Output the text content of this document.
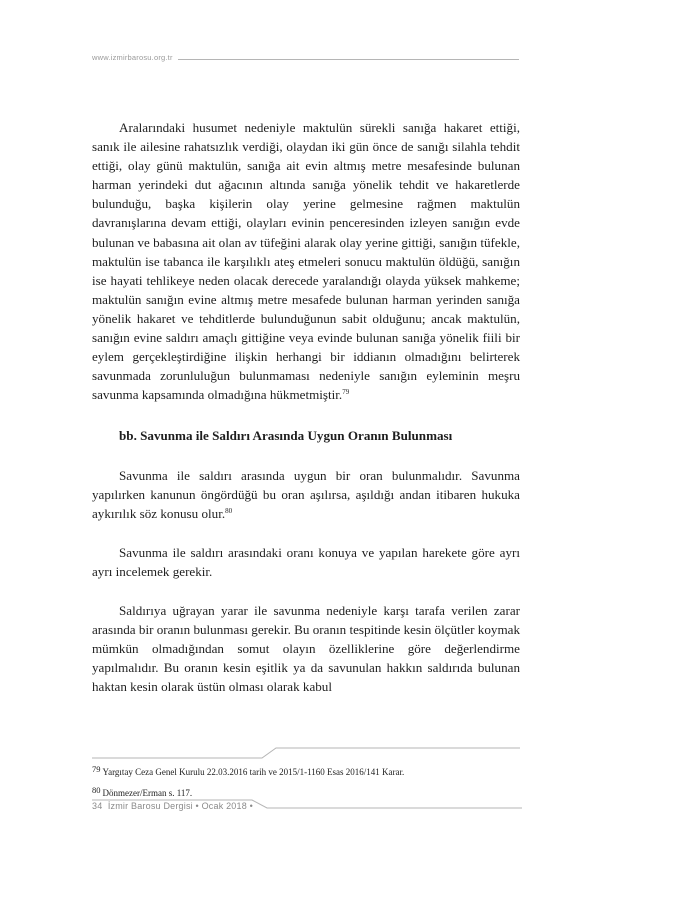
www.izmirbarosu.org.tr

Aralarındaki husumet nedeniyle maktulün sürekli sanığa hakaret ettiği, sanık ile ailesine rahatsızlık verdiği, olaydan iki gün önce de sanığı silahla tehdit ettiği, olay günü maktulün, sanığa ait evin altmış metre mesafesinde bulunan harman yerindeki dut ağacının altında sanığa yönelik tehdit ve hakaretlerde bulunduğu, başka kişilerin olay yerine gelmesine rağmen maktulün davranışlarına devam ettiği, olayları evinin penceresinden izleyen sanığın evde bulunan ve babasına ait olan av tüfeğini alarak olay yerine gittiği, sanığın tüfekle, maktulün ise tabanca ile karşılıklı ateş etmeleri sonucu maktulün öldüğü, sanığın ise hayati tehlikeye neden olacak derecede yaralandığı olayda yüksek mahkeme; maktulün sanığın evine altmış metre mesafede bulunan harman yerinden sanığa yönelik hakaret ve tehditlerde bulunduğunun sabit olduğunu; ancak maktulün, sanığın evine saldırı amaçlı gittiğine veya evinde bulunan sanığa yönelik fiili bir eylem gerçekleştirdiğine ilişkin herhangi bir iddianın olmadığını belirterek savunmada zorunluluğun bulunmaması nedeniyle sanığın eyleminin meşru savunma kapsamında olmadığına hükmetmiştir.$^{79}$

bb. Savunma ile Saldırı Arasında Uygun Oranın Bulunması

Savunma ile saldırı arasında uygun bir oran bulunmalıdır. Savunma yapılırken kanunun öngördüğü bu oran aşılırsa, aşıldığı andan itibaren hukuka aykırılık söz konusu olur.$^{80}$

Savunma ile saldırı arasındaki oranı konuya ve yapılan harekete göre ayrı ayrı incelemek gerekir.

Saldırıya uğrayan yarar ile savunma nedeniyle karşı tarafa verilen zarar arasında bir oranın bulunması gerekir. Bu oranın tespitinde kesin ölçütler koymak mümkün olmadığından somut olayın özelliklerine göre değerlendirme yapılmalıdır. Bu oranın kesin eşitlik ya da savunulan hakkın saldırıda bulunan haktan kesin olarak üstün olması olarak kabul

79 Yargıtay Ceza Genel Kurulu 22.03.2016 tarih ve 2015/1-1160 Esas 2016/141 Karar.
80 Dönmezer/Erman s. 117.
34 İzmir Barosu Dergisi • Ocak 2018 •
